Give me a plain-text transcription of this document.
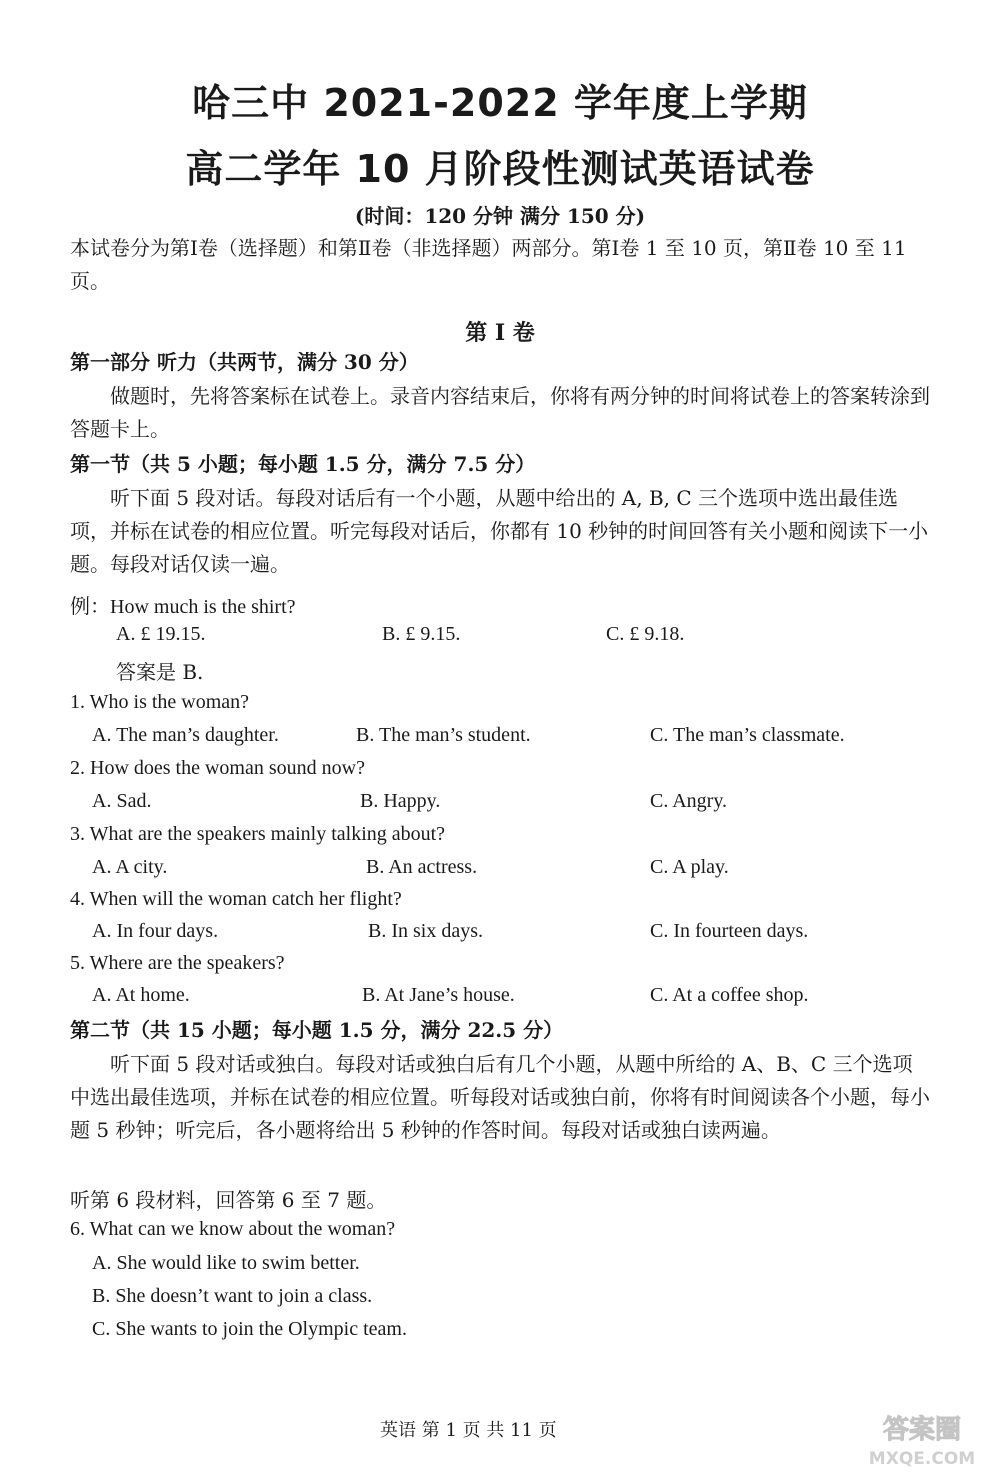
哈三中 2021-2022 学年度上学期
高二学年 10 月阶段性测试英语试卷
(时间：120 分钟 满分 150 分)
本试卷分为第Ⅰ卷（选择题）和第Ⅱ卷（非选择题）两部分。第Ⅰ卷 1 至 10 页，第Ⅱ卷 10 至 11 页。
第 Ⅰ 卷
第一部分 听力（共两节，满分 30 分）
做题时，先将答案标在试卷上。录音内容结束后，你将有两分钟的时间将试卷上的答案转涂到答题卡上。
第一节（共 5 小题；每小题 1.5 分，满分 7.5 分）
听下面 5 段对话。每段对话后有一个小题，从题中给出的 A, B, C 三个选项中选出最佳选项，并标在试卷的相应位置。听完每段对话后，你都有 10 秒钟的时间回答有关小题和阅读下一小题。每段对话仅读一遍。
例：How much is the shirt?
A. £ 19.15.	B. £ 9.15.	C. £ 9.18.
答案是 B.
1. Who is the woman?
A. The man’s daughter.	B. The man’s student.	C. The man’s classmate.
2. How does the woman sound now?
A. Sad.	B. Happy.	C. Angry.
3. What are the speakers mainly talking about?
A. A city.	B. An actress.	C. A play.
4. When will the woman catch her flight?
A. In four days.	B. In six days.	C. In fourteen days.
5. Where are the speakers?
A. At home.	B. At Jane’s house.	C. At a coffee shop.
第二节（共 15 小题；每小题 1.5 分，满分 22.5 分）
听下面 5 段对话或独白。每段对话或独白后有几个小题，从题中所给的 A、B、C 三个选项中选出最佳选项，并标在试卷的相应位置。听每段对话或独白前，你将有时间阅读各个小题，每小题 5 秒钟；听完后，各小题将给出 5 秒钟的作答时间。每段对话或独白读两遍。
听第 6 段材料，回答第 6 至 7 题。
6. What can we know about the woman?
A. She would like to swim better.
B. She doesn’t want to join a class.
C. She wants to join the Olympic team.
英语 第 1 页 共 11 页	答案圈
MXQE.COM
